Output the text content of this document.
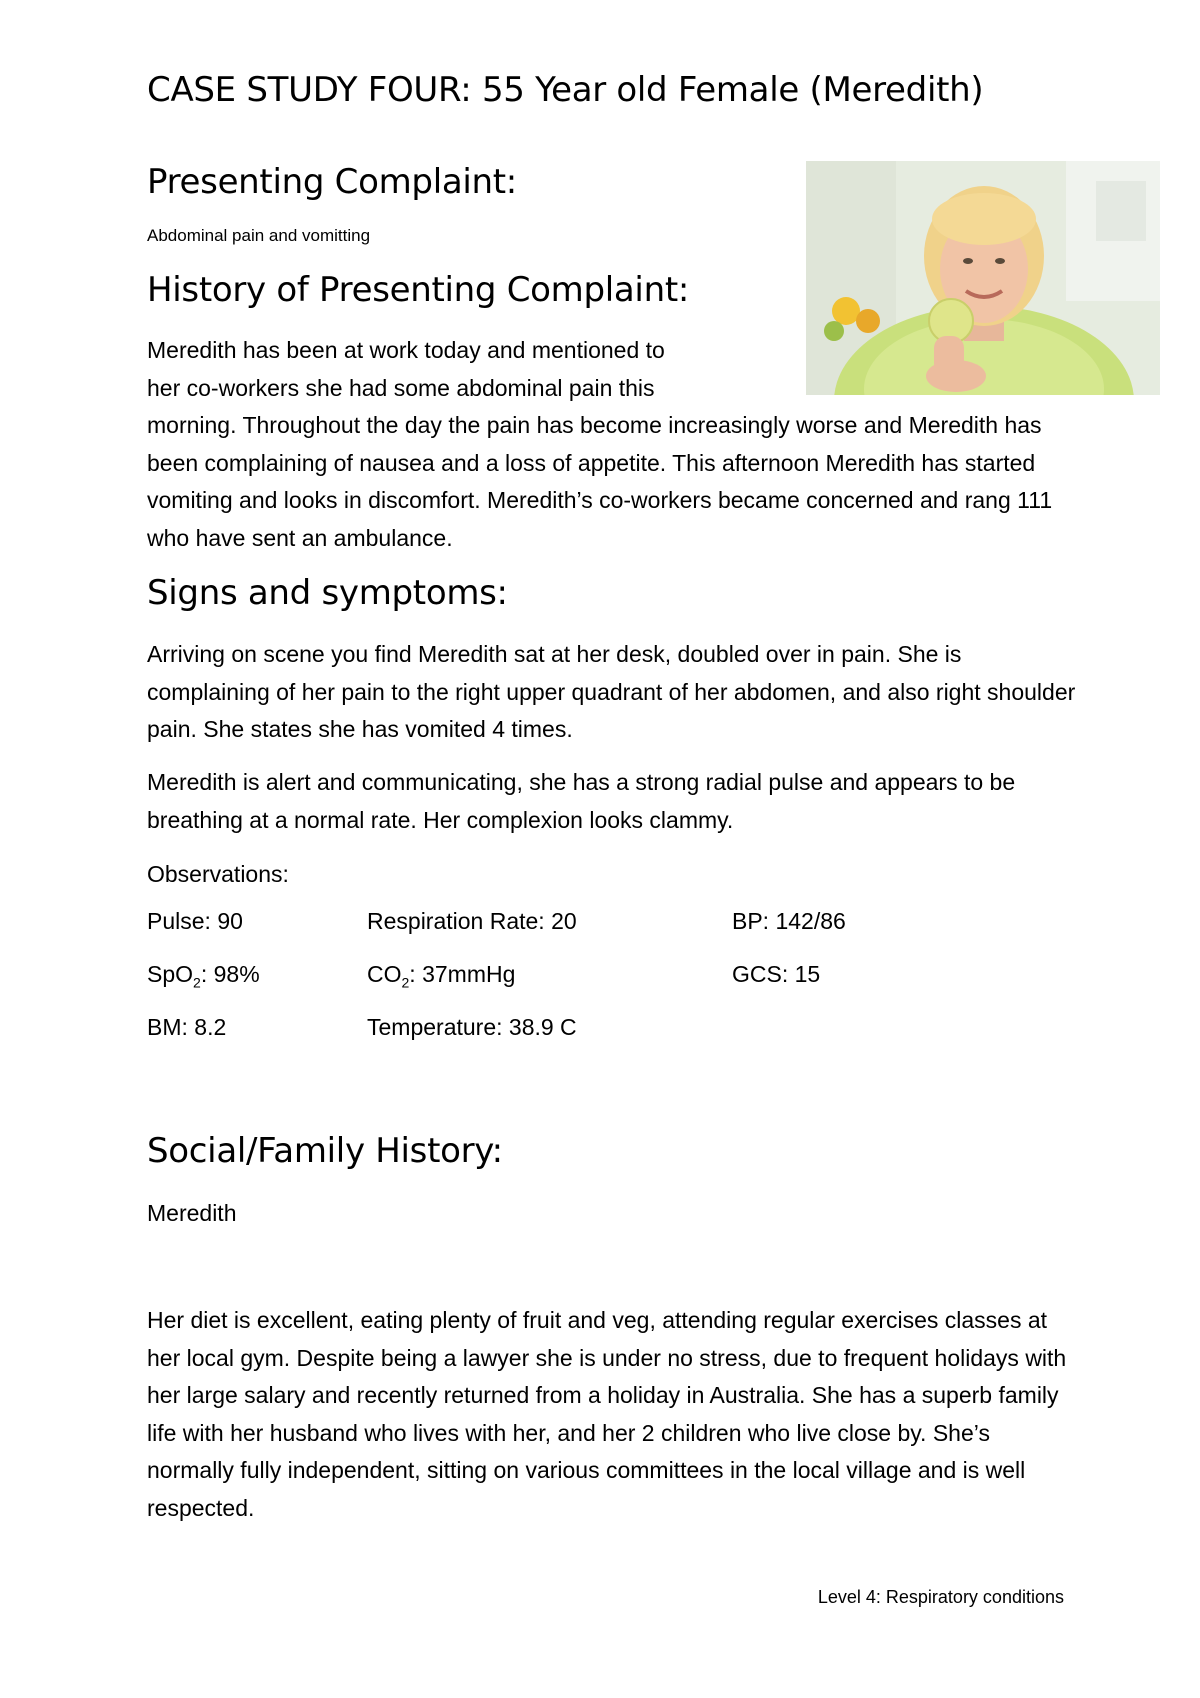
CASE STUDY FOUR: 55 Year old Female (Meredith)
Presenting Complaint:
Abdominal pain and vomitting
History of Presenting Complaint:

Meredith has been at work today and mentioned to

her co-workers she had some abdominal pain this

morning. Throughout the day the pain has become increasingly worse and Meredith has been complaining of nausea and a loss of appetite. This afternoon Meredith has started vomiting and looks in discomfort. Meredith’s co-workers became concerned and rang 111 who have sent an ambulance.

Signs and symptoms:

Arriving on scene you find Meredith sat at her desk, doubled over in pain. She is complaining of her pain to the right upper quadrant of her abdomen, and also right shoulder pain. She states she has vomited 4 times.

Meredith is alert and communicating, she has a strong radial pulse and appears to be breathing at a normal rate. Her complexion looks clammy.

Observations:

Pulse: 90	Respiration Rate: 20	BP: 142/86
SpO$_2$: 98%	$CO_2$: 37mmHg	GCS: 15
BM: 8.2	Temperature: 38.9 C
Social/Family History:

Meredith

Her diet is excellent, eating plenty of fruit and veg, attending regular exercises classes at her local gym. Despite being a lawyer she is under no stress, due to frequent holidays with her large salary and recently returned from a holiday in Australia. She has a superb family life with her husband who lives with her, and her 2 children who live close by. She’s normally fully independent, sitting on various committees in the local village and is well respected.

Level 4: Respiratory conditions
